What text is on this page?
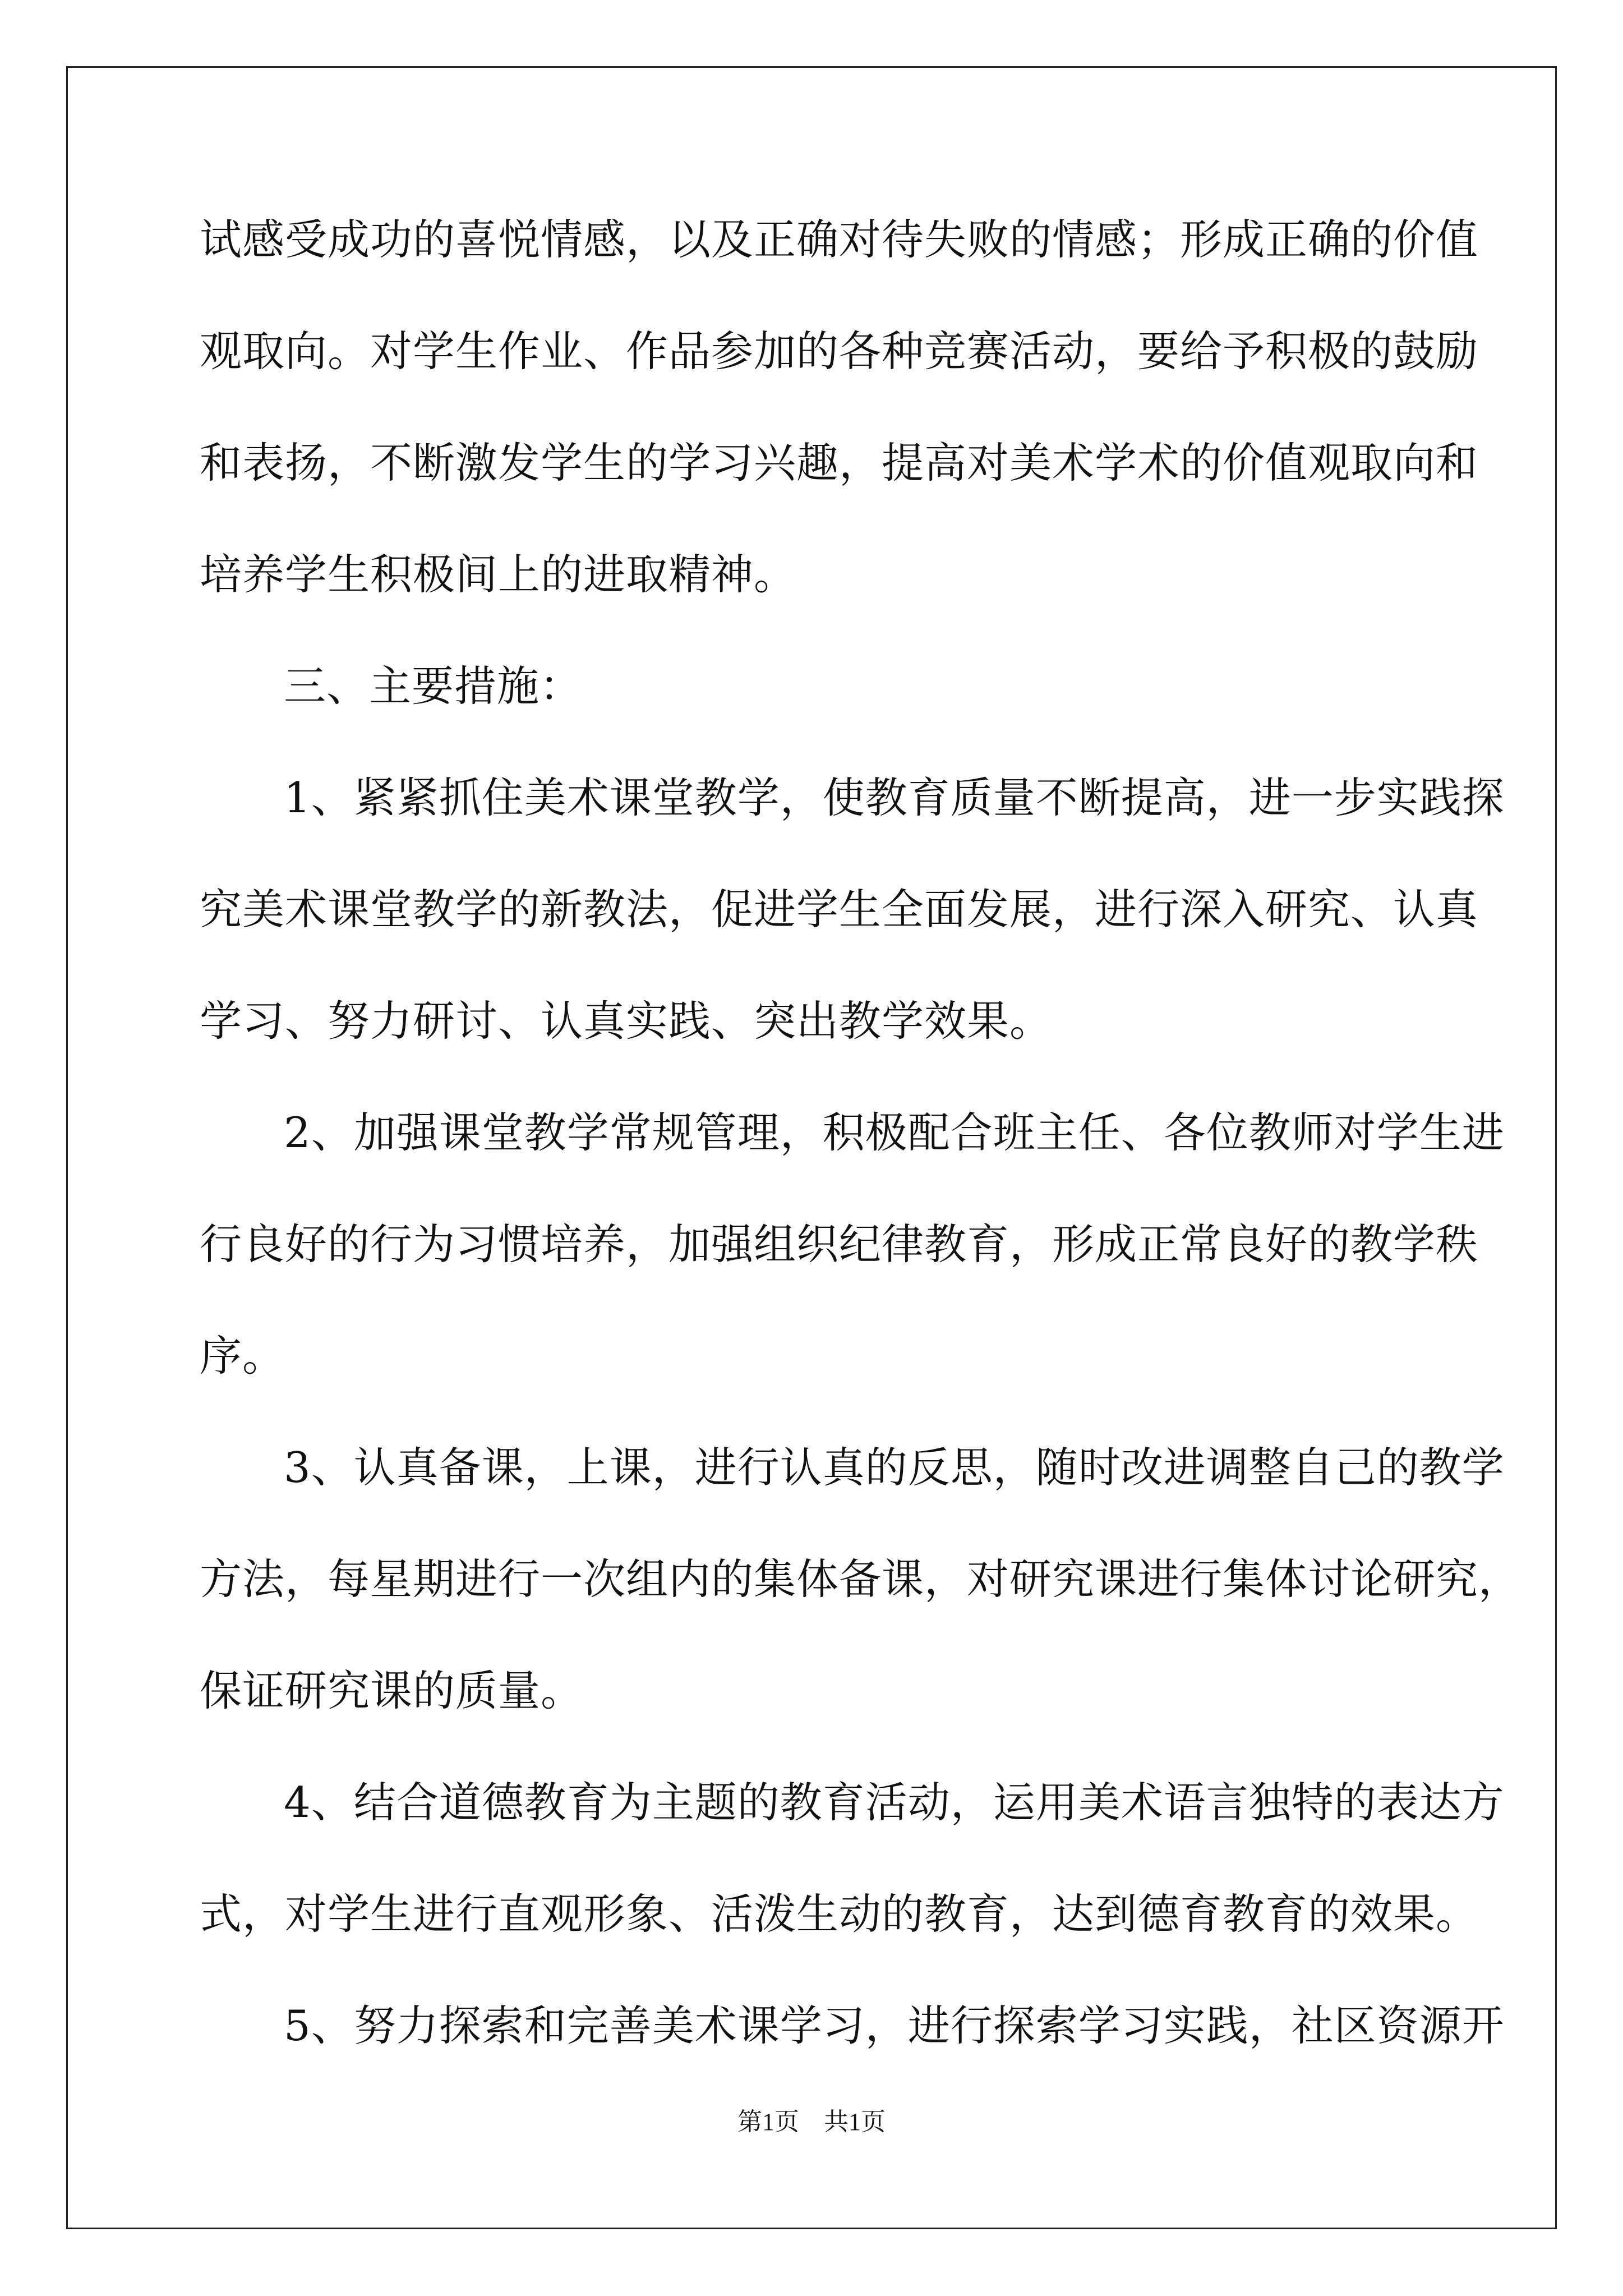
试感受成功的喜悦情感，以及正确对待失败的情感；形成正确的价值
观取向。对学生作业、作品参加的各种竞赛活动，要给予积极的鼓励
和表扬，不断激发学生的学习兴趣，提高对美术学术的价值观取向和
培养学生积极间上的进取精神。
三、主要措施：
1、紧紧抓住美术课堂教学，使教育质量不断提高，进一步实践探
究美术课堂教学的新教法，促进学生全面发展，进行深入研究、认真
学习、努力研讨、认真实践、突出教学效果。
2、加强课堂教学常规管理，积极配合班主任、各位教师对学生进
行良好的行为习惯培养，加强组织纪律教育，形成正常良好的教学秩
序。
3、认真备课，上课，进行认真的反思，随时改进调整自己的教学
方法，每星期进行一次组内的集体备课，对研究课进行集体讨论研究，
保证研究课的质量。
4、结合道德教育为主题的教育活动，运用美术语言独特的表达方
式，对学生进行直观形象、活泼生动的教育，达到德育教育的效果。
5、努力探索和完善美术课学习，进行探索学习实践，社区资源开
第1页　共1页
